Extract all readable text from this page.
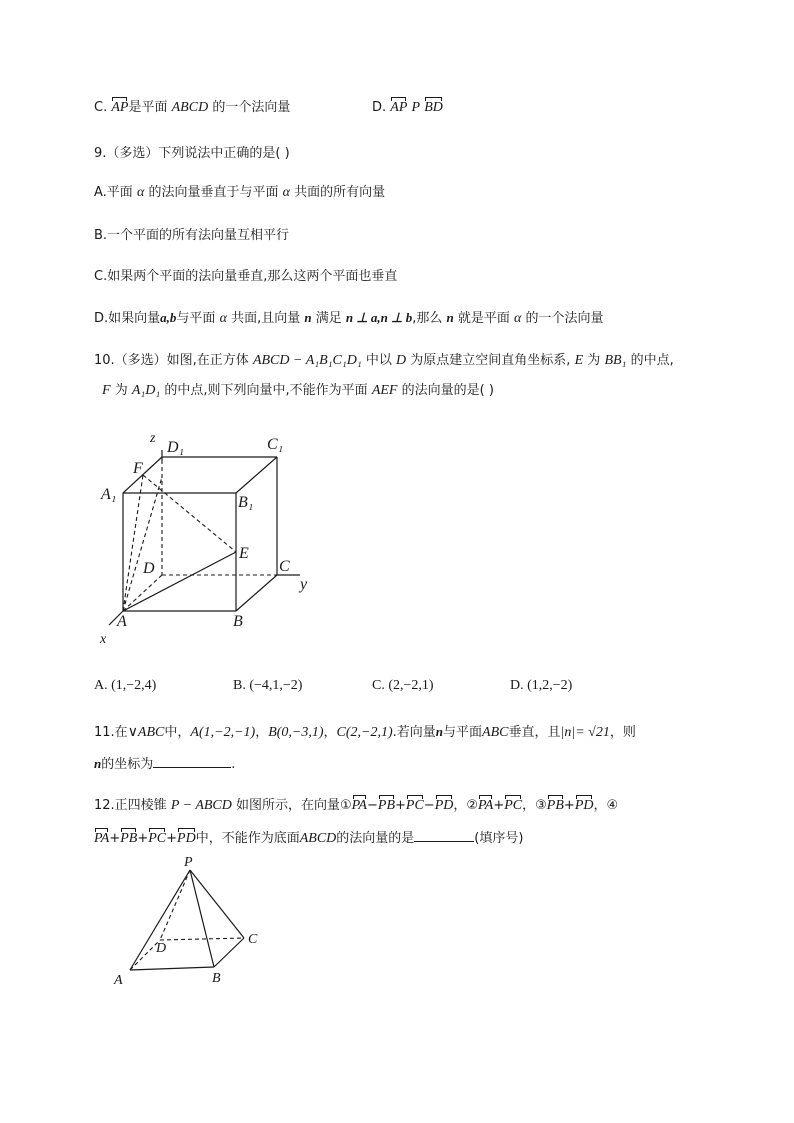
C. AP是平面 ABCD 的一个法向量	D. AP P BD
9.（多选）下列说法中正确的是( )
A.平面 α 的法向量垂直于与平面 α 共面的所有向量
B.一个平面的所有法向量互相平行
C.如果两个平面的法向量垂直,那么这两个平面也垂直
D.如果向量a,b与平面 α 共面,且向量 n 满足 n ⊥ a,n ⊥ b,那么 n 就是平面 α 的一个法向量
10.（多选）如图,在正方体 ABCD − A₁B₁C₁D₁ 中以 D 为原点建立空间直角坐标系, E 为 BB₁ 的中点,
F 为 A₁D₁ 的中点,则下列向量中,不能作为平面 AEF 的法向量的是( )
z
D₁	C₁
F
A₁	B₁
E
D	C
y
A	B
x
A. (1,−2,4)	B. (−4,1,−2)	C. (2,−2,1)	D. (1,2,−2)
11.在∨ABC中，A(1,−2,−1)，B(0,−3,1)，C(2,−2,1).若向量n与平面ABC垂直，且|n|= √21，则
n的坐标为	.
12.正四棱锥 P − ABCD 如图所示，在向量①PA−PB+PC−PD，②PA+PC，③PB+PD，④
PA+PB+PC+PD中，不能作为底面ABCD的法向量的是	(填序号)
P
C
D
A	B
